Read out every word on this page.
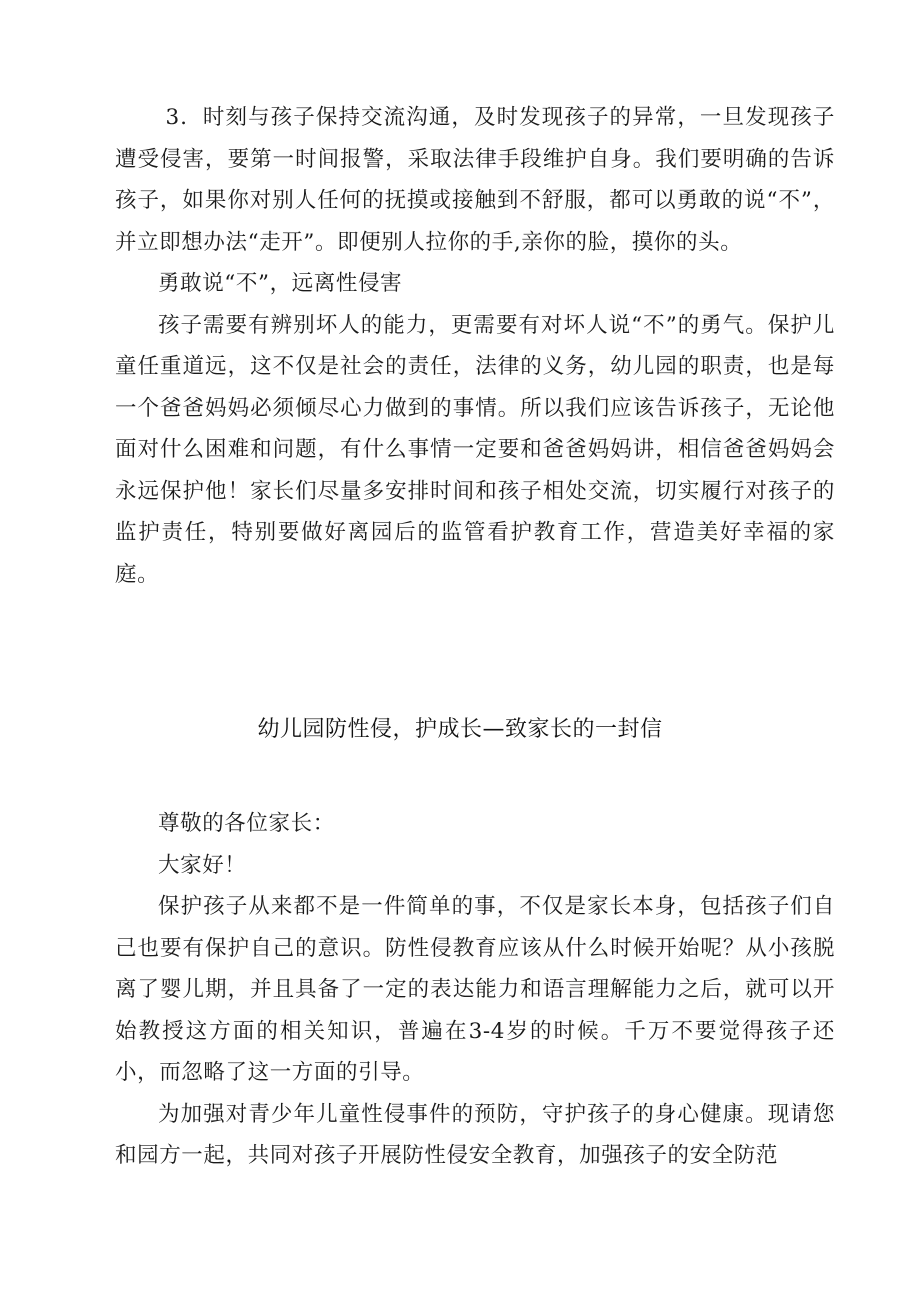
3．时刻与孩子保持交流沟通，及时发现孩子的异常，一旦发现孩子遭受侵害，要第一时间报警，采取法律手段维护自身。我们要明确的告诉孩子，如果你对别人任何的抚摸或接触到不舒服，都可以勇敢的说“不”，并立即想办法“走开”。即便别人拉你的手,亲你的脸，摸你的头。

勇敢说“不”，远离性侵害

孩子需要有辨别坏人的能力，更需要有对坏人说“不”的勇气。保护儿童任重道远，这不仅是社会的责任，法律的义务，幼儿园的职责，也是每一个爸爸妈妈必须倾尽心力做到的事情。所以我们应该告诉孩子，无论他面对什么困难和问题，有什么事情一定要和爸爸妈妈讲，相信爸爸妈妈会永远保护他！家长们尽量多安排时间和孩子相处交流，切实履行对孩子的监护责任，特别要做好离园后的监管看护教育工作，营造美好幸福的家庭。

幼儿园防性侵，护成长—致家长的一封信

尊敬的各位家长：

大家好！

保护孩子从来都不是一件简单的事，不仅是家长本身，包括孩子们自己也要有保护自己的意识。防性侵教育应该从什么时候开始呢？从小孩脱离了婴儿期，并且具备了一定的表达能力和语言理解能力之后，就可以开始教授这方面的相关知识，普遍在3-4岁的时候。千万不要觉得孩子还小，而忽略了这一方面的引导。

为加强对青少年儿童性侵事件的预防，守护孩子的身心健康。现请您和园方一起，共同对孩子开展防性侵安全教育，加强孩子的安全防范
